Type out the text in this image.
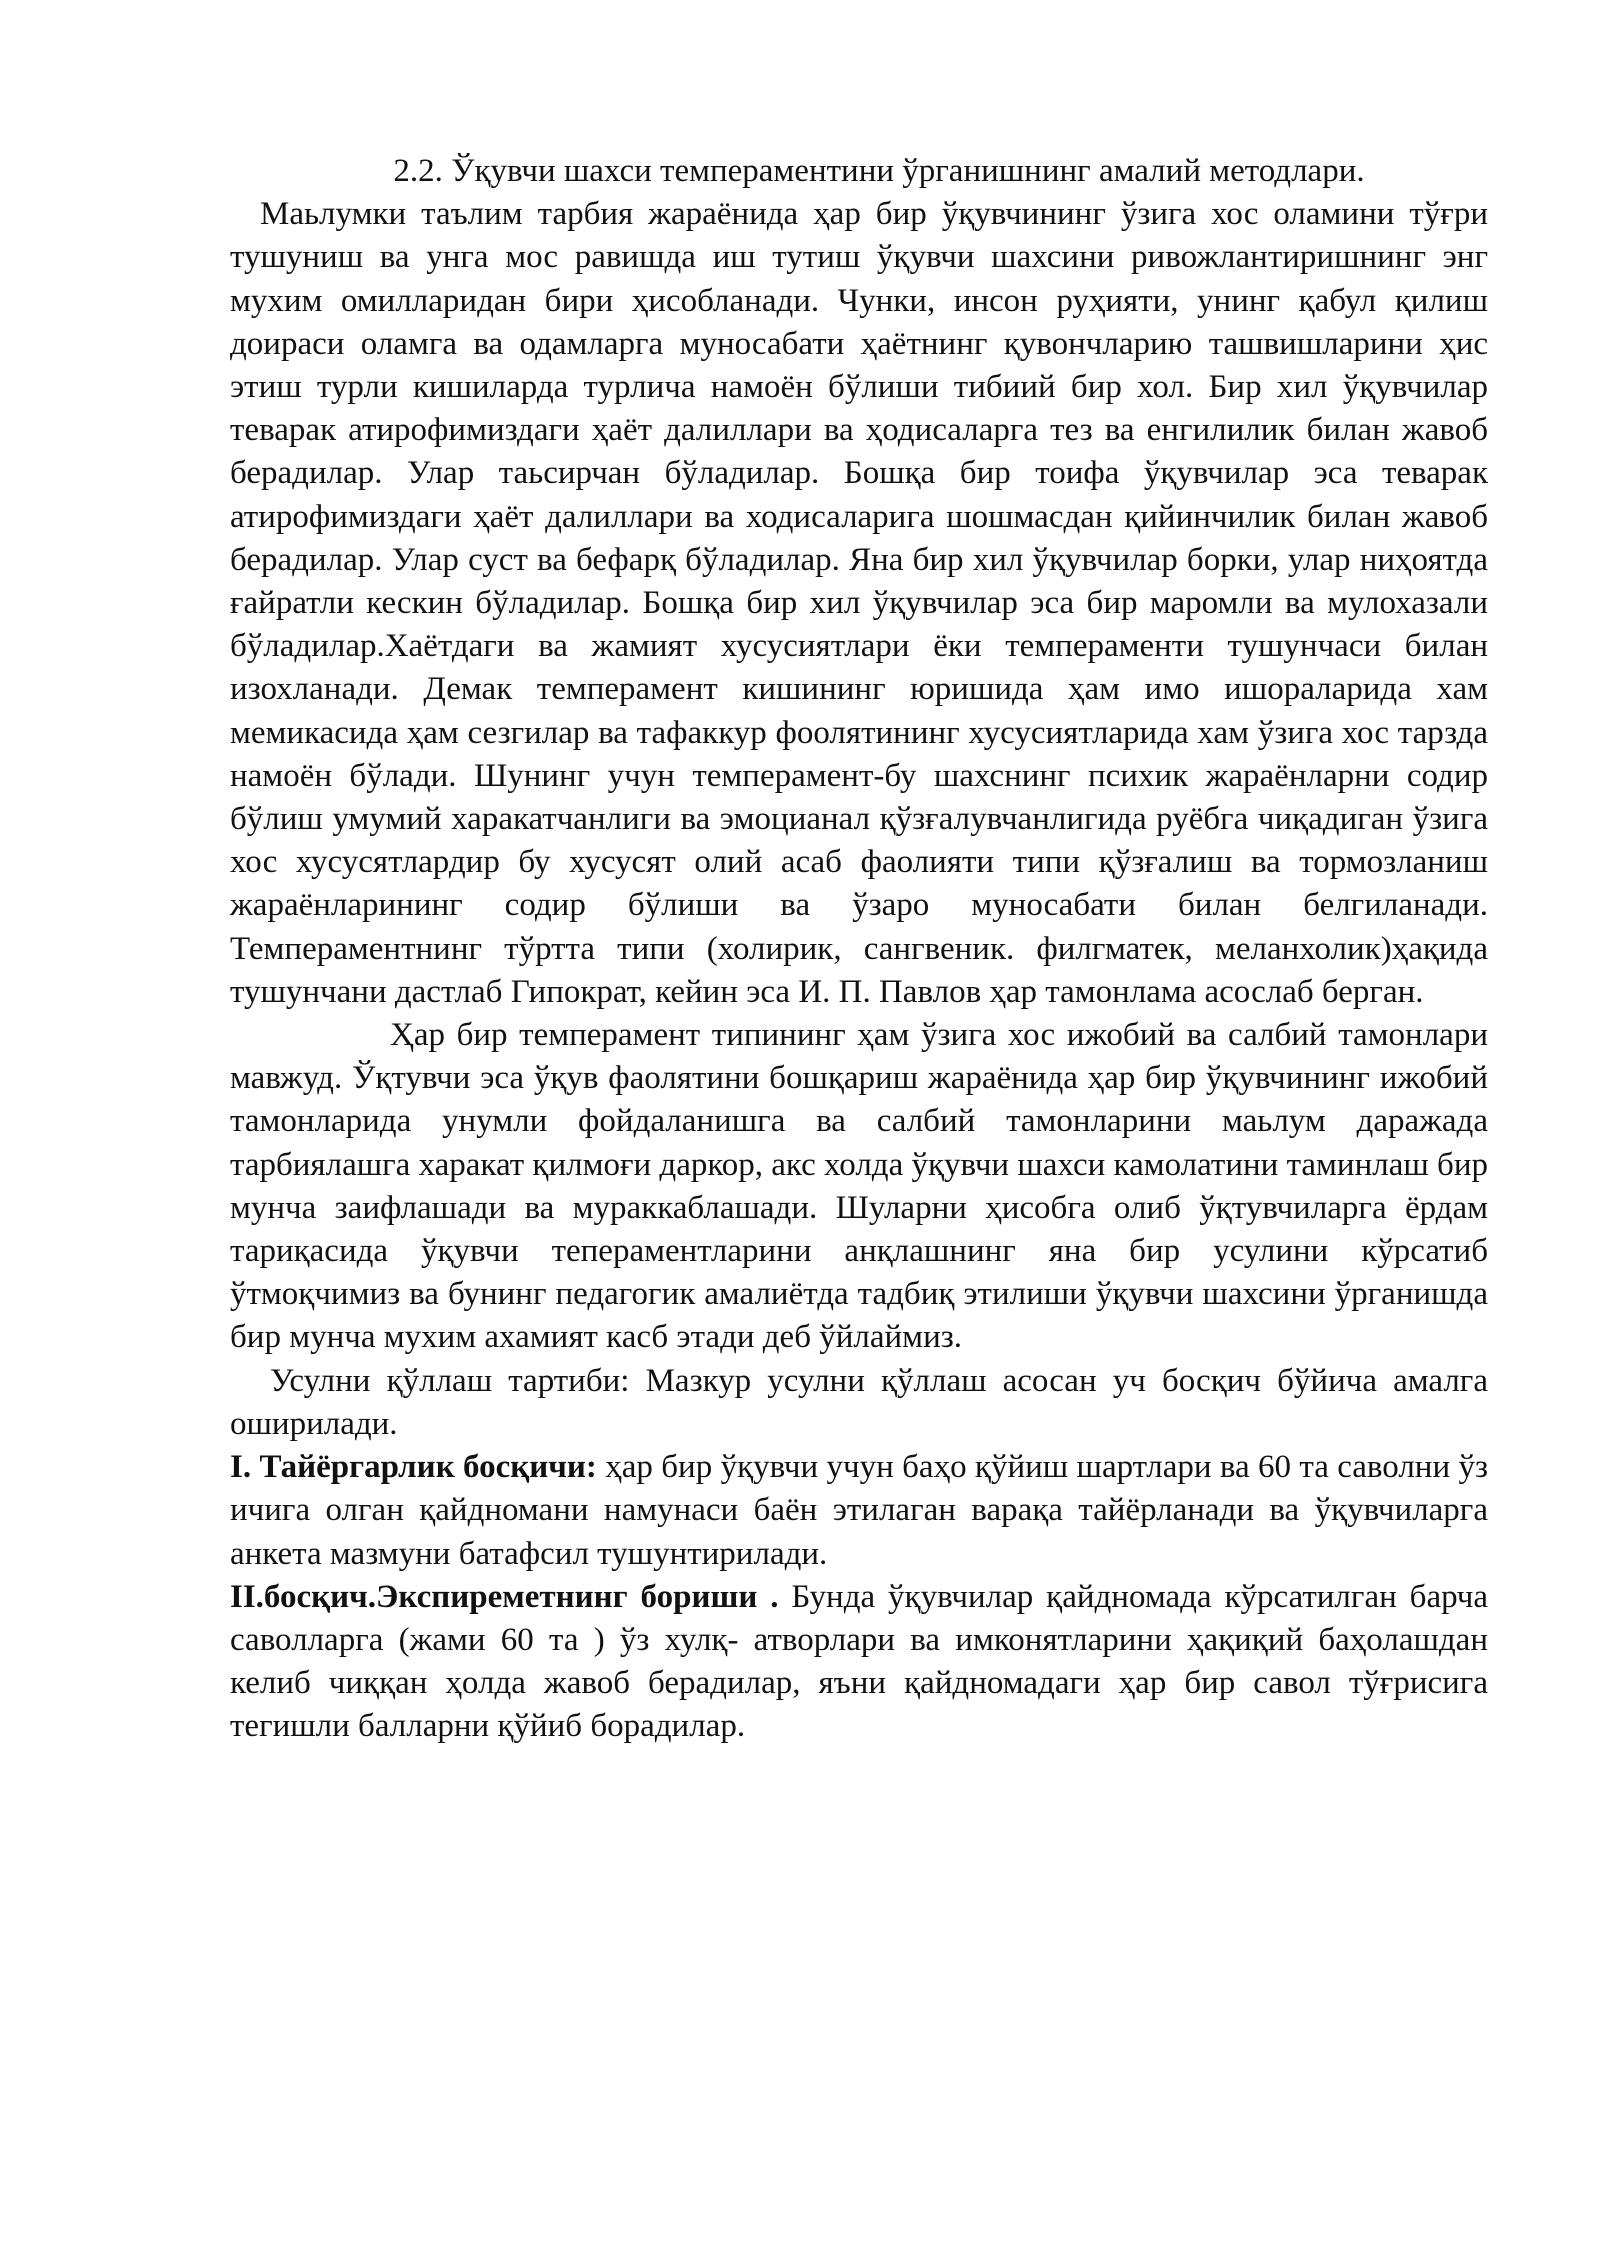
2.2. Ўқувчи шахси темпераментини ўрганишнинг амалий методлари.

Маьлумки таълим тарбия жараёнида ҳар бир ўқувчининг ўзига хос оламини тўғри тушуниш ва унга мос равишда иш тутиш ўқувчи шахсини ривожлантиришнинг энг мухим омилларидан бири ҳисобланади. Чунки, инсон руҳияти, унинг қабул қилиш доираси оламга ва одамларга муносабати ҳаётнинг қувончларию ташвишларини ҳис этиш турли кишиларда турлича намоён бўлиши тибиий бир хол. Бир хил ўқувчилар теварак атирофимиздаги ҳаёт далиллари ва ҳодисаларга тез ва енгилилик билан жавоб берадилар. Улар таьсирчан бўладилар. Бошқа бир тоифа ўқувчилар эса теварак атирофимиздаги ҳаёт далиллари ва ходисаларига шошмасдан қийинчилик билан жавоб берадилар. Улар суст ва бефарқ бўладилар. Яна бир хил ўқувчилар борки, улар ниҳоятда ғайратли кескин бўладилар. Бошқа бир хил ўқувчилар эса бир маромли ва мулохазали бўладилар.Хаётдаги ва жамият хусусиятлари ёки темпераменти тушунчаси билан изохланади. Демак темперамент кишининг юришида ҳам имо ишораларида хам мемикасида ҳам сезгилар ва тафаккур фоолятининг хусусиятларида хам ўзига хос тарзда намоён бўлади. Шунинг учун темперамент-бу шахснинг психик жараёнларни содир бўлиш умумий харакатчанлиги ва эмоцианал қўзғалувчанлигида руёбга чиқадиган ўзига хос хусусятлардир бу хусусят олий асаб фаолияти типи қўзғалиш ва тормозланиш жараёнларининг содир бўлиши ва ўзаро муносабати билан белгиланади. Темпераментнинг тўртта типи (холирик, сангвеник. филгматек, меланхолик)ҳақида тушунчани дастлаб Гипократ, кейин эса И. П. Павлов ҳар тамонлама асослаб берган.

Ҳар бир темперамент типининг ҳам ўзига хос ижобий ва салбий тамонлари мавжуд. Ўқтувчи эса ўқув фаолятини бошқариш жараёнида ҳар бир ўқувчининг ижобий тамонларида унумли фойдаланишга ва салбий тамонларини маьлум даражада тарбиялашга харакат қилмоғи даркор, акс холда ўқувчи шахси камолатини таминлаш бир мунча заифлашади ва мураккаблашади. Шуларни ҳисобга олиб ўқтувчиларга ёрдам тариқасида ўқувчи тепераментларини анқлашнинг яна бир усулини кўрсатиб ўтмоқчимиз ва бунинг педагогик амалиётда тадбиқ этилиши ўқувчи шахсини ўрганишда бир мунча мухим ахамият касб этади деб ўйлаймиз.

Усулни қўллаш тартиби: Мазкур усулни қўллаш асосан уч босқич бўйича амалга оширилади.

I. Тайёргарлик босқичи: ҳар бир ўқувчи учун баҳо қўйиш шартлари ва 60 та саволни ўз ичига олган қайдномани намунаси баён этилаган варақа тайёрланади ва ўқувчиларга анкета мазмуни батафсил тушунтирилади.

II.босқич.Экспиреметнинг бориши . Бунда ўқувчилар қайдномада кўрсатилган барча саволларга (жами 60 та ) ўз хулқ- атворлари ва имконятларини ҳақиқий баҳолашдан келиб чиққан ҳолда жавоб берадилар, яъни қайдномадаги ҳар бир савол тўғрисига тегишли балларни қўйиб борадилар.
